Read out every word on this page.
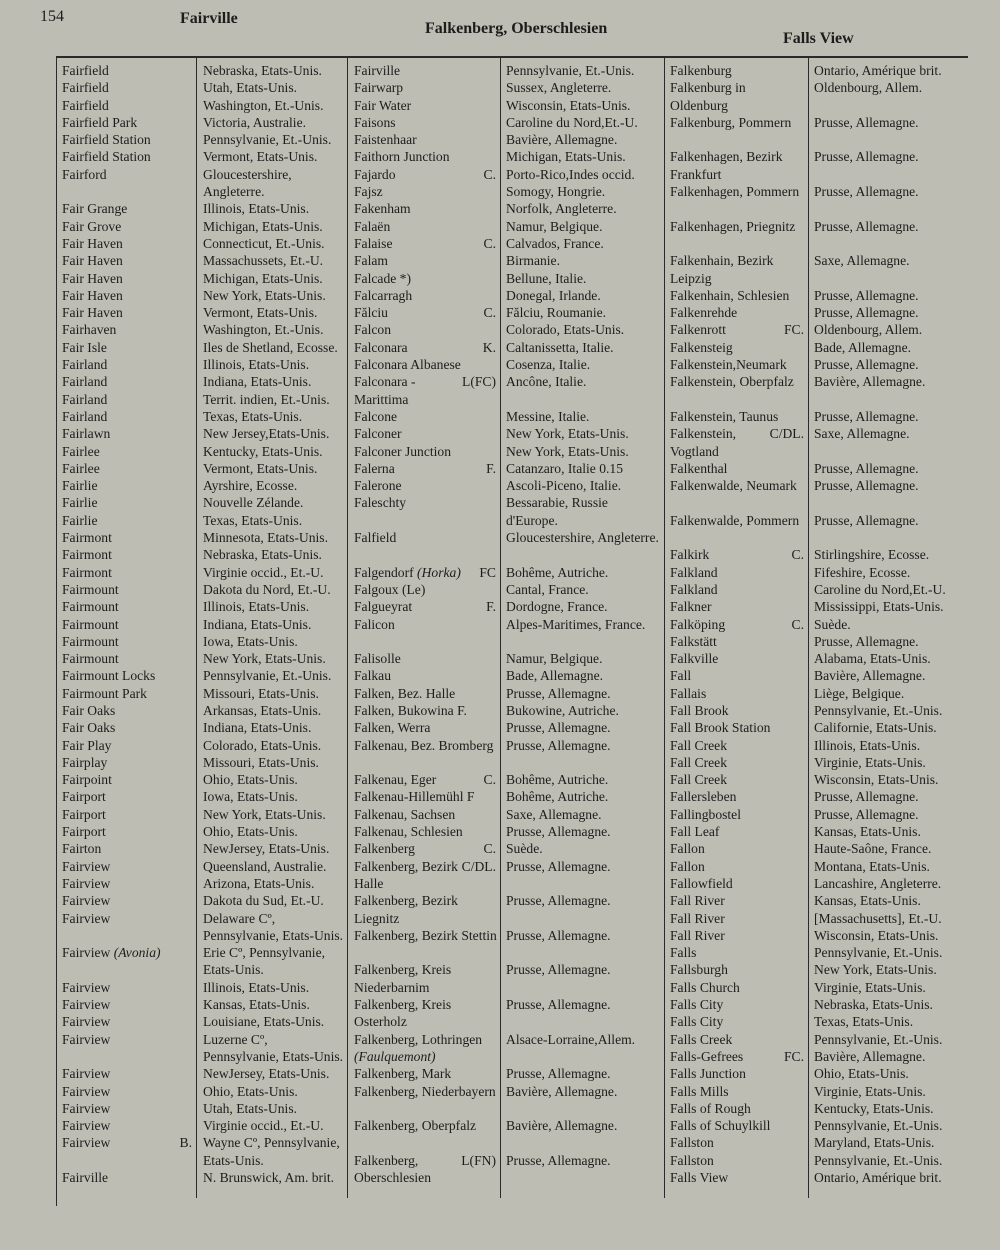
154	Fairville
Falkenberg, Oberschlesien
Falls View
Fairfield
Fairfield
Fairfield
Fairfield Park
Fairfield Station
Fairfield Station
Fairford
Fair Grange
Fair Grove
Fair Haven
Fair Haven
Fair Haven
Fair Haven
Fair Haven
Fairhaven
Fair Isle
Fairland
Fairland
Fairland
Fairland
Fairlawn
Fairlee
Fairlee
Fairlie
Fairlie
Fairlie
Fairmont
Fairmont
Fairmont
Fairmount
Fairmount
Fairmount
Fairmount
Fairmount
Fairmount Locks
Fairmount Park
Fair Oaks
Fair Oaks
Fair Play
Fairplay
Fairpoint
Fairport
Fairport
Fairport
Fairton
Fairview
Fairview
Fairview
Fairview
Fairview (Avonia)
Fairview
Fairview
Fairview
Fairview
Fairview
Fairview
Fairview
Fairview
B.
Fairview
Fairville
Nebraska, Etats-Unis.
Utah, Etats-Unis.
Washington, Et.-Unis.
Victoria, Australie.
Pennsylvanie, Et.-Unis.
Vermont, Etats-Unis.
Gloucestershire, Angleterre.
Illinois, Etats-Unis.
Michigan, Etats-Unis.
Connecticut, Et.-Unis.
Massachussets, Et.-U.
Michigan, Etats-Unis.
New York, Etats-Unis.
Vermont, Etats-Unis.
Washington, Et.-Unis.
Iles de Shetland, Ecosse.
Illinois, Etats-Unis.
Indiana, Etats-Unis.
Territ. indien, Et.-Unis.
Texas, Etats-Unis.
New Jersey,Etats-Unis.
Kentucky, Etats-Unis.
Vermont, Etats-Unis.
Ayrshire, Ecosse.
Nouvelle Zélande.
Texas, Etats-Unis.
Minnesota, Etats-Unis.
Nebraska, Etats-Unis.
Virginie occid., Et.-U.
Dakota du Nord, Et.-U.
Illinois, Etats-Unis.
Indiana, Etats-Unis.
Iowa, Etats-Unis.
New York, Etats-Unis.
Pennsylvanie, Et.-Unis.
Missouri, Etats-Unis.
Arkansas, Etats-Unis.
Indiana, Etats-Unis.
Colorado, Etats-Unis.
Missouri, Etats-Unis.
Ohio, Etats-Unis.
Iowa, Etats-Unis.
New York, Etats-Unis.
Ohio, Etats-Unis.
NewJersey, Etats-Unis.
Queensland, Australie.
Arizona, Etats-Unis.
Dakota du Sud, Et.-U.
Delaware Cº, Pennsylvanie, Etats-Unis.
Erie Cº, Pennsylvanie, Etats-Unis.
Illinois, Etats-Unis.
Kansas, Etats-Unis.
Louisiane, Etats-Unis.
Luzerne Cº, Pennsylvanie, Etats-Unis.
NewJersey, Etats-Unis.
Ohio, Etats-Unis.
Utah, Etats-Unis.
Virginie occid., Et.-U.
Wayne Cº, Pennsylvanie, Etats-Unis.
N. Brunswick, Am. brit.
Fairville
Fairwarp
Fair Water
Faisons
Faistenhaar
Faithorn Junction
C.
Fajardo
Fajsz
Fakenham
Falaën
C.
Falaise
Falam
Falcade *)
Falcarragh
C.
Fălciu
Falcon
K.
Falconara
Falconara Albanese
L(FC)
Falconara - Marittima
Falcone
Falconer
Falconer Junction
F.
Falerna
Falerone
Faleschty
Falfield
FC
Falgendorf (Horka)
Falgoux (Le)
F.
Falgueyrat
Falicon
Falisolle
Falkau
Falken, Bez. Halle
Falken, Bukowina F.
Falken, Werra
Falkenau, Bez. Bromberg
C.
Falkenau, Eger
Falkenau-Hillemühl F
Falkenau, Sachsen
Falkenau, Schlesien
C.
Falkenberg
C/DL.
Falkenberg, Bezirk Halle
Falkenberg, Bezirk Liegnitz
Falkenberg, Bezirk Stettin
Falkenberg, Kreis Niederbarnim
Falkenberg, Kreis Osterholz
Falkenberg, Lothringen (Faulquemont)
Falkenberg, Mark
Falkenberg, Niederbayern
Falkenberg, Oberpfalz
L(FN)
Falkenberg, Oberschlesien
Pennsylvanie, Et.-Unis.
Sussex, Angleterre.
Wisconsin, Etats-Unis.
Caroline du Nord,Et.-U.
Bavière, Allemagne.
Michigan, Etats-Unis.
Porto-Rico,Indes occid.
Somogy, Hongrie.
Norfolk, Angleterre.
Namur, Belgique.
Calvados, France.
Birmanie.
Bellune, Italie.
Donegal, Irlande.
Fălciu, Roumanie.
Colorado, Etats-Unis.
Caltanissetta, Italie.
Cosenza, Italie.
Ancône, Italie.
Messine, Italie.
New York, Etats-Unis.
New York, Etats-Unis.
Catanzaro, Italie 0.15
Ascoli-Piceno, Italie.
Bessarabie, Russie d'Europe.
Gloucestershire, Angleterre.
Bohême, Autriche.
Cantal, France.
Dordogne, France.
Alpes-Maritimes, France.
Namur, Belgique.
Bade, Allemagne.
Prusse, Allemagne.
Bukowine, Autriche.
Prusse, Allemagne.
Prusse, Allemagne.
Bohême, Autriche.
Bohême, Autriche.
Saxe, Allemagne.
Prusse, Allemagne.
Suède.
Prusse, Allemagne.
Prusse, Allemagne.
Prusse, Allemagne.
Prusse, Allemagne.
Prusse, Allemagne.
Alsace-Lorraine,Allem.
Prusse, Allemagne.
Bavière, Allemagne.
Bavière, Allemagne.
Prusse, Allemagne.
Falkenburg
Falkenburg in Oldenburg
Falkenburg, Pommern
Falkenhagen, Bezirk Frankfurt
Falkenhagen, Pommern
Falkenhagen, Priegnitz
Falkenhain, Bezirk Leipzig
Falkenhain, Schlesien
Falkenrehde
FC.
Falkenrott
Falkensteig
Falkenstein,Neumark
Falkenstein, Oberpfalz
Falkenstein, Taunus
C/DL.
Falkenstein, Vogtland
Falkenthal
Falkenwalde, Neumark
Falkenwalde, Pommern
C.
Falkirk
Falkland
Falkland
Falkner
C.
Falköping
Falkstätt
Falkville
Fall
Fallais
Fall Brook
Fall Brook Station
Fall Creek
Fall Creek
Fall Creek
Fallersleben
Fallingbostel
Fall Leaf
Fallon
Fallon
Fallowfield
Fall River
Fall River
Fall River
Falls
Fallsburgh
Falls Church
Falls City
Falls City
Falls Creek
FC.
Falls-Gefrees
Falls Junction
Falls Mills
Falls of Rough
Falls of Schuylkill
Fallston
Fallston
Falls View
Ontario, Amérique brit.
Oldenbourg, Allem.
Prusse, Allemagne.
Prusse, Allemagne.
Prusse, Allemagne.
Prusse, Allemagne.
Saxe, Allemagne.
Prusse, Allemagne.
Prusse, Allemagne.
Oldenbourg, Allem.
Bade, Allemagne.
Prusse, Allemagne.
Bavière, Allemagne.
Prusse, Allemagne.
Saxe, Allemagne.
Prusse, Allemagne.
Prusse, Allemagne.
Prusse, Allemagne.
Stirlingshire, Ecosse.
Fifeshire, Ecosse.
Caroline du Nord,Et.-U.
Mississippi, Etats-Unis.
Suède.
Prusse, Allemagne.
Alabama, Etats-Unis.
Bavière, Allemagne.
Liège, Belgique.
Pennsylvanie, Et.-Unis.
Californie, Etats-Unis.
Illinois, Etats-Unis.
Virginie, Etats-Unis.
Wisconsin, Etats-Unis.
Prusse, Allemagne.
Prusse, Allemagne.
Kansas, Etats-Unis.
Haute-Saône, France.
Montana, Etats-Unis.
Lancashire, Angleterre.
Kansas, Etats-Unis.
[Massachusetts], Et.-U.
Wisconsin, Etats-Unis.
Pennsylvanie, Et.-Unis.
New York, Etats-Unis.
Virginie, Etats-Unis.
Nebraska, Etats-Unis.
Texas, Etats-Unis.
Pennsylvanie, Et.-Unis.
Bavière, Allemagne.
Ohio, Etats-Unis.
Virginie, Etats-Unis.
Kentucky, Etats-Unis.
Pennsylvanie, Et.-Unis.
Maryland, Etats-Unis.
Pennsylvanie, Et.-Unis.
Ontario, Amérique brit.
